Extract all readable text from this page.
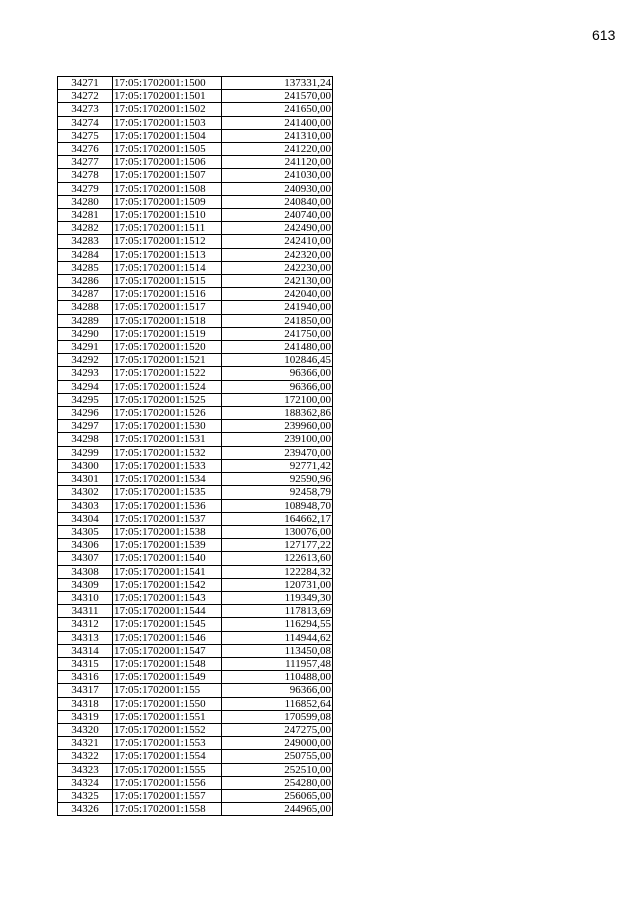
613
34271	17:05:1702001:1500	137331,24
34272	17:05:1702001:1501	241570,00
34273	17:05:1702001:1502	241650,00
34274	17:05:1702001:1503	241400,00
34275	17:05:1702001:1504	241310,00
34276	17:05:1702001:1505	241220,00
34277	17:05:1702001:1506	241120,00
34278	17:05:1702001:1507	241030,00
34279	17:05:1702001:1508	240930,00
34280	17:05:1702001:1509	240840,00
34281	17:05:1702001:1510	240740,00
34282	17:05:1702001:1511	242490,00
34283	17:05:1702001:1512	242410,00
34284	17:05:1702001:1513	242320,00
34285	17:05:1702001:1514	242230,00
34286	17:05:1702001:1515	242130,00
34287	17:05:1702001:1516	242040,00
34288	17:05:1702001:1517	241940,00
34289	17:05:1702001:1518	241850,00
34290	17:05:1702001:1519	241750,00
34291	17:05:1702001:1520	241480,00
34292	17:05:1702001:1521	102846,45
34293	17:05:1702001:1522	96366,00
34294	17:05:1702001:1524	96366,00
34295	17:05:1702001:1525	172100,00
34296	17:05:1702001:1526	188362,86
34297	17:05:1702001:1530	239960,00
34298	17:05:1702001:1531	239100,00
34299	17:05:1702001:1532	239470,00
34300	17:05:1702001:1533	92771,42
34301	17:05:1702001:1534	92590,96
34302	17:05:1702001:1535	92458,79
34303	17:05:1702001:1536	108948,70
34304	17:05:1702001:1537	164662,17
34305	17:05:1702001:1538	130076,00
34306	17:05:1702001:1539	127177,22
34307	17:05:1702001:1540	122613,60
34308	17:05:1702001:1541	122284,32
34309	17:05:1702001:1542	120731,00
34310	17:05:1702001:1543	119349,30
34311	17:05:1702001:1544	117813,69
34312	17:05:1702001:1545	116294,55
34313	17:05:1702001:1546	114944,62
34314	17:05:1702001:1547	113450,08
34315	17:05:1702001:1548	111957,48
34316	17:05:1702001:1549	110488,00
34317	17:05:1702001:155	96366,00
34318	17:05:1702001:1550	116852,64
34319	17:05:1702001:1551	170599,08
34320	17:05:1702001:1552	247275,00
34321	17:05:1702001:1553	249000,00
34322	17:05:1702001:1554	250755,00
34323	17:05:1702001:1555	252510,00
34324	17:05:1702001:1556	254280,00
34325	17:05:1702001:1557	256065,00
34326	17:05:1702001:1558	244965,00
